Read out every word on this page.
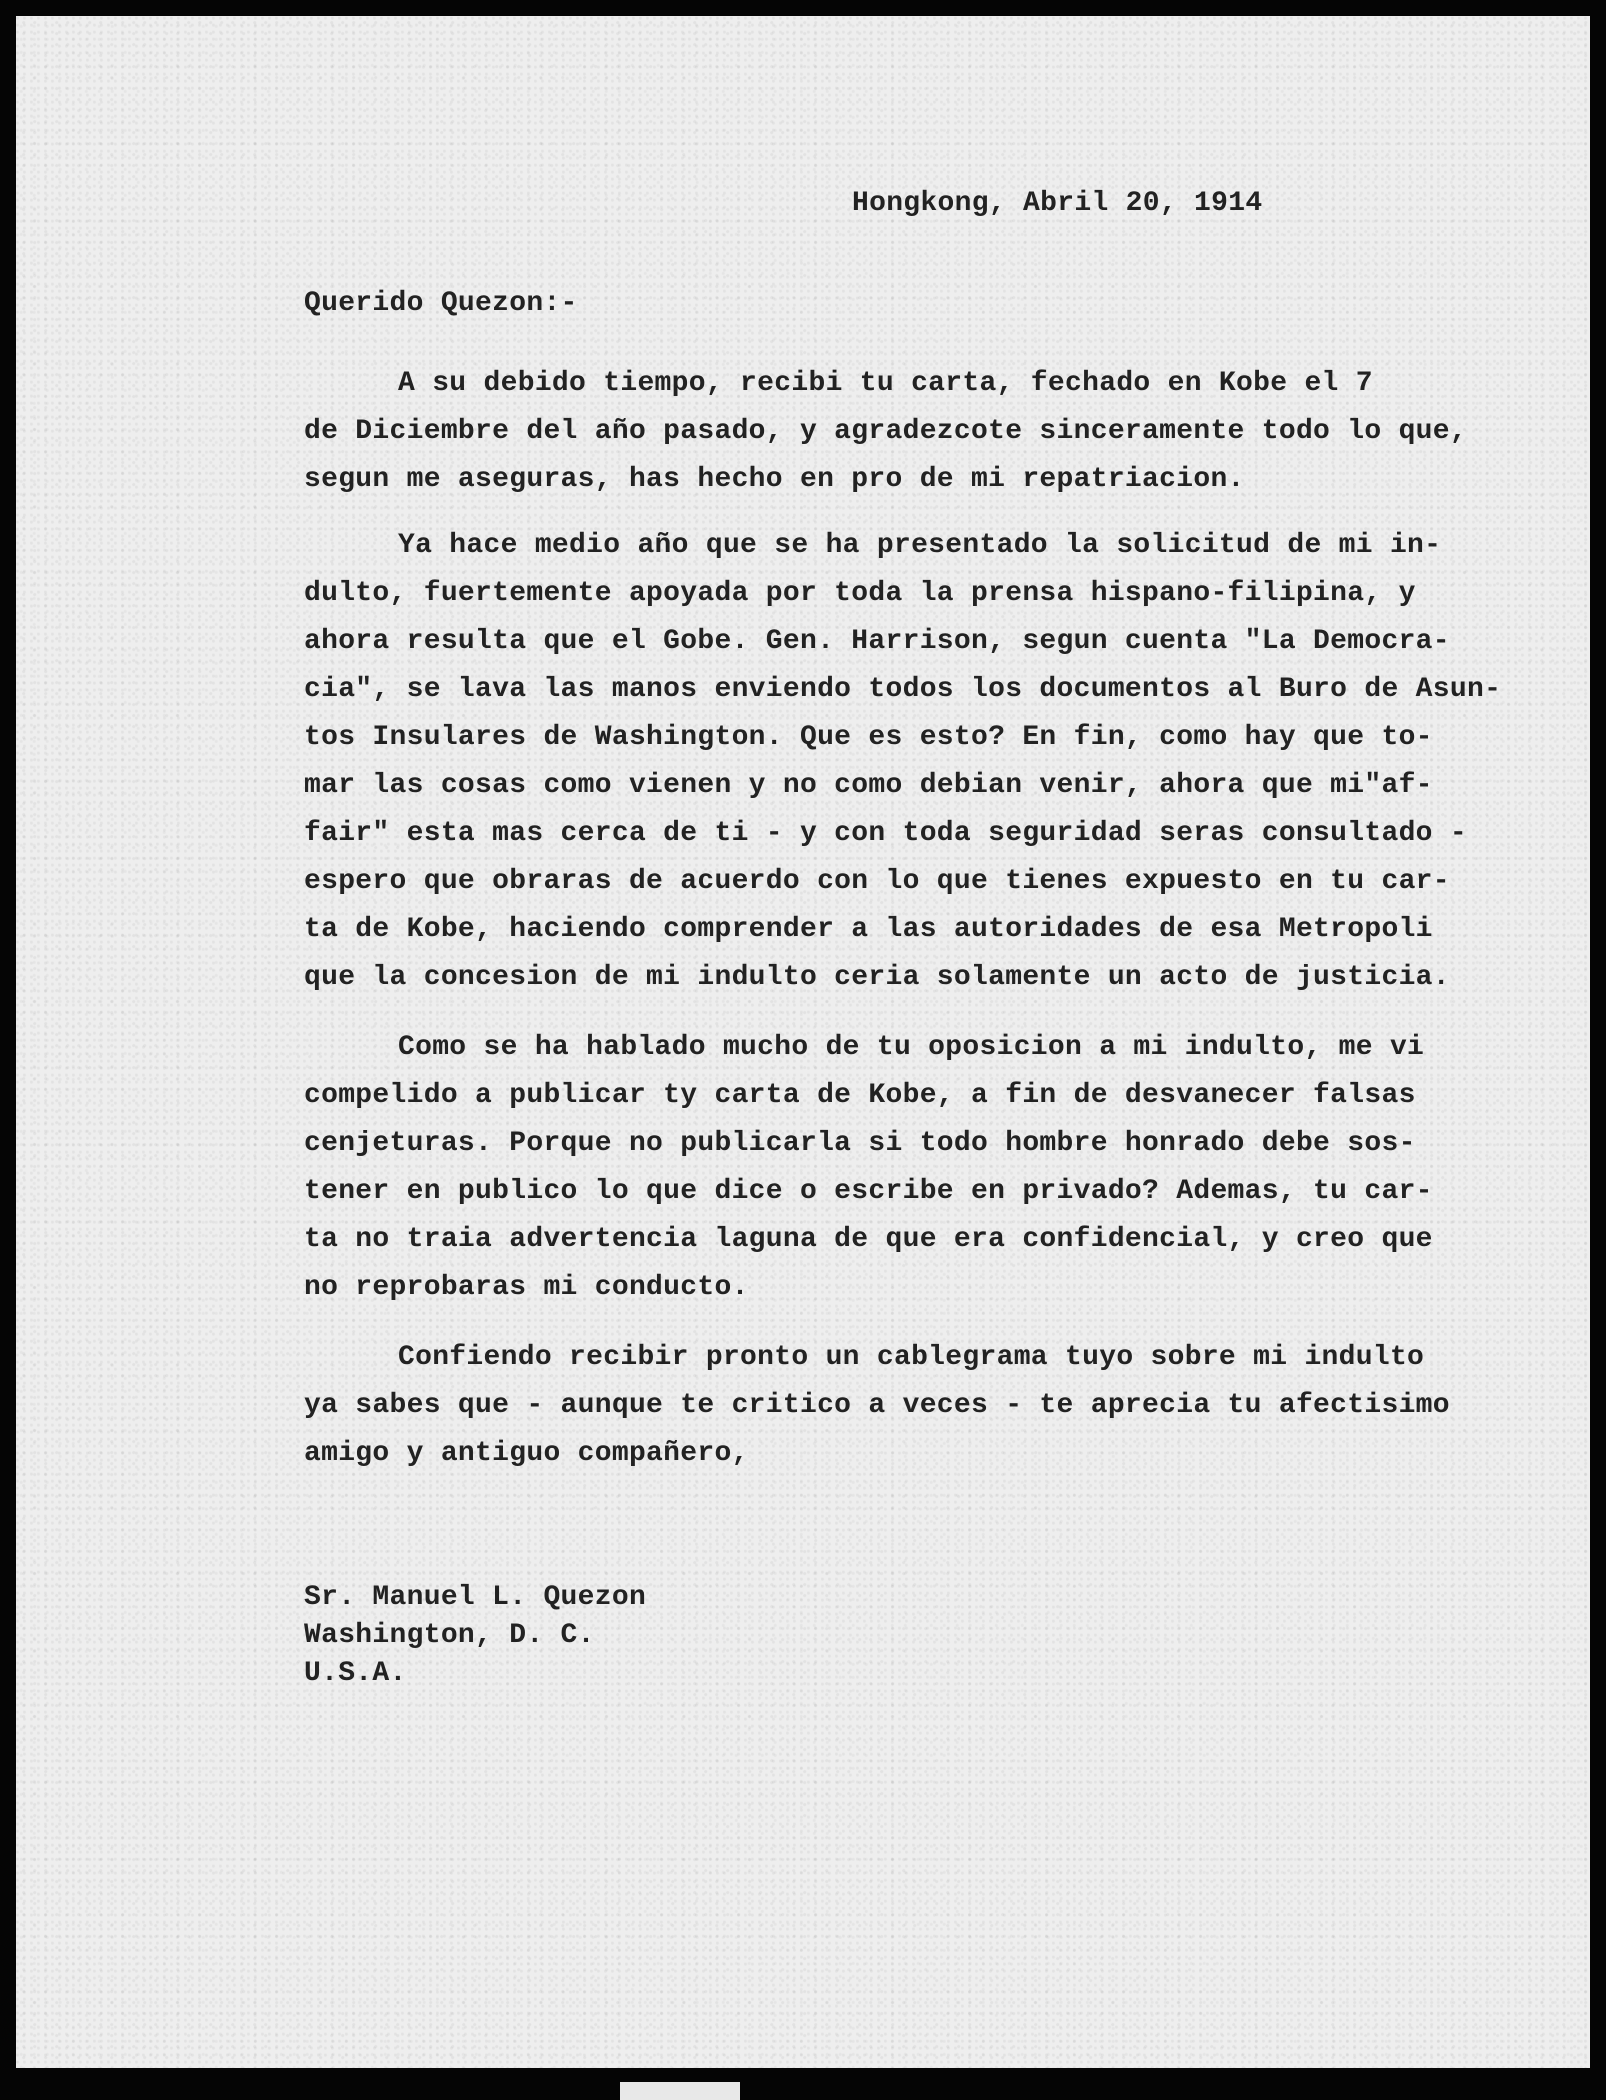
Hongkong, Abril 20, 1914
Querido Quezon:-
A su debido tiempo, recibi tu carta, fechado en Kobe el 7
de Diciembre del año pasado, y agradezcote sinceramente todo lo que,
segun me aseguras, has hecho en pro de mi repatriacion.
Ya hace medio año que se ha presentado la solicitud de mi in-
dulto, fuertemente apoyada por toda la prensa hispano-filipina, y
ahora resulta que el Gobe. Gen. Harrison, segun cuenta "La Democra-
cia", se lava las manos enviendo todos los documentos al Buro de Asun-
tos Insulares de Washington. Que es esto? En fin, como hay que to-
mar las cosas como vienen y no como debian venir, ahora que mi"af-
fair" esta mas cerca de ti - y con toda seguridad seras consultado -
espero que obraras de acuerdo con lo que tienes expuesto en tu car-
ta de Kobe, haciendo comprender a las autoridades de esa Metropoli
que la concesion de mi indulto ceria solamente un acto de justicia.
Como se ha hablado mucho de tu oposicion a mi indulto, me vi
compelido a publicar ty carta de Kobe, a fin de desvanecer falsas
cenjeturas. Porque no publicarla si todo hombre honrado debe sos-
tener en publico lo que dice o escribe en privado? Ademas, tu car-
ta no traia advertencia laguna de que era confidencial, y creo que
no reprobaras mi conducto.
Confiendo recibir pronto un cablegrama tuyo sobre mi indulto
ya sabes que - aunque te critico a veces - te aprecia tu afectisimo
amigo y antiguo compañero,
Sr. Manuel L. Quezon
Washington, D. C.
U.S.A.
